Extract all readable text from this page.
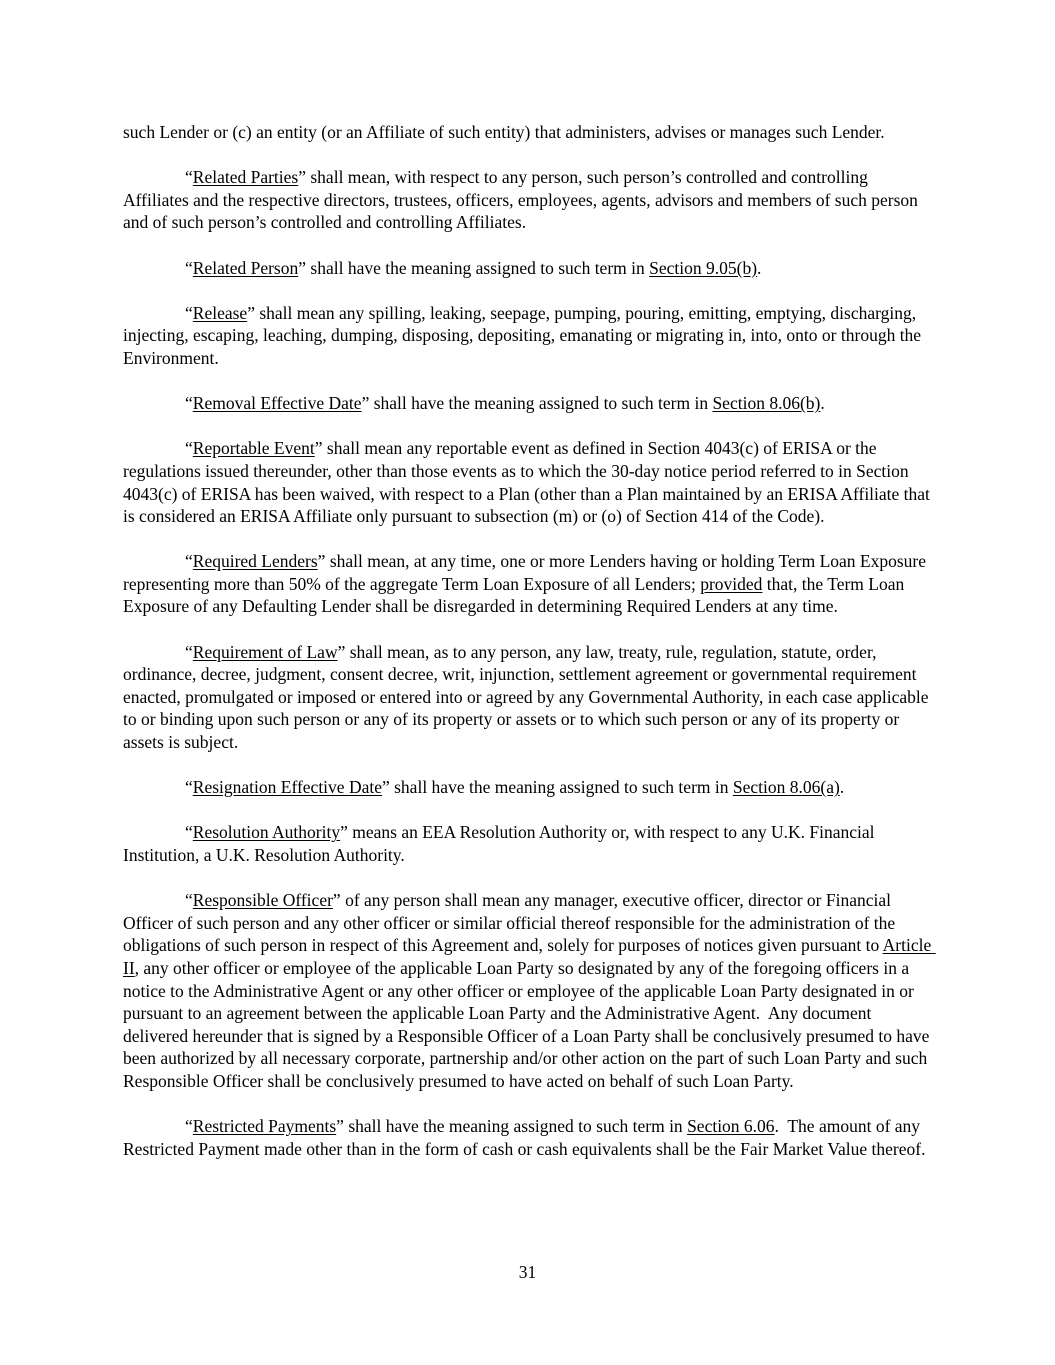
such Lender or (c) an entity (or an Affiliate of such entity) that administers, advises or manages such Lender.

“Related Parties” shall mean, with respect to any person, such person’s controlled and controlling Affiliates and the respective directors, trustees, officers, employees, agents, advisors and members of such person and of such person’s controlled and controlling Affiliates.

“Related Person” shall have the meaning assigned to such term in Section 9.05(b).

“Release” shall mean any spilling, leaking, seepage, pumping, pouring, emitting, emptying, discharging, injecting, escaping, leaching, dumping, disposing, depositing, emanating or migrating in, into, onto or through the Environment.

“Removal Effective Date” shall have the meaning assigned to such term in Section 8.06(b).

“Reportable Event” shall mean any reportable event as defined in Section 4043(c) of ERISA or the regulations issued thereunder, other than those events as to which the 30-day notice period referred to in Section 4043(c) of ERISA has been waived, with respect to a Plan (other than a Plan maintained by an ERISA Affiliate that is considered an ERISA Affiliate only pursuant to subsection (m) or (o) of Section 414 of the Code).

“Required Lenders” shall mean, at any time, one or more Lenders having or holding Term Loan Exposure representing more than 50% of the aggregate Term Loan Exposure of all Lenders; provided that, the Term Loan Exposure of any Defaulting Lender shall be disregarded in determining Required Lenders at any time.

“Requirement of Law” shall mean, as to any person, any law, treaty, rule, regulation, statute, order, ordinance, decree, judgment, consent decree, writ, injunction, settlement agreement or governmental requirement enacted, promulgated or imposed or entered into or agreed by any Governmental Authority, in each case applicable to or binding upon such person or any of its property or assets or to which such person or any of its property or assets is subject.

“Resignation Effective Date” shall have the meaning assigned to such term in Section 8.06(a).

“Resolution Authority” means an EEA Resolution Authority or, with respect to any U.K. Financial Institution, a U.K. Resolution Authority.

“Responsible Officer” of any person shall mean any manager, executive officer, director or Financial Officer of such person and any other officer or similar official thereof responsible for the administration of the obligations of such person in respect of this Agreement and, solely for purposes of notices given pursuant to Article II, any other officer or employee of the applicable Loan Party so designated by any of the foregoing officers in a notice to the Administrative Agent or any other officer or employee of the applicable Loan Party designated in or pursuant to an agreement between the applicable Loan Party and the Administrative Agent.  Any document delivered hereunder that is signed by a Responsible Officer of a Loan Party shall be conclusively presumed to have been authorized by all necessary corporate, partnership and/or other action on the part of such Loan Party and such Responsible Officer shall be conclusively presumed to have acted on behalf of such Loan Party.

“Restricted Payments” shall have the meaning assigned to such term in Section 6.06.  The amount of any Restricted Payment made other than in the form of cash or cash equivalents shall be the Fair Market Value thereof.

31
